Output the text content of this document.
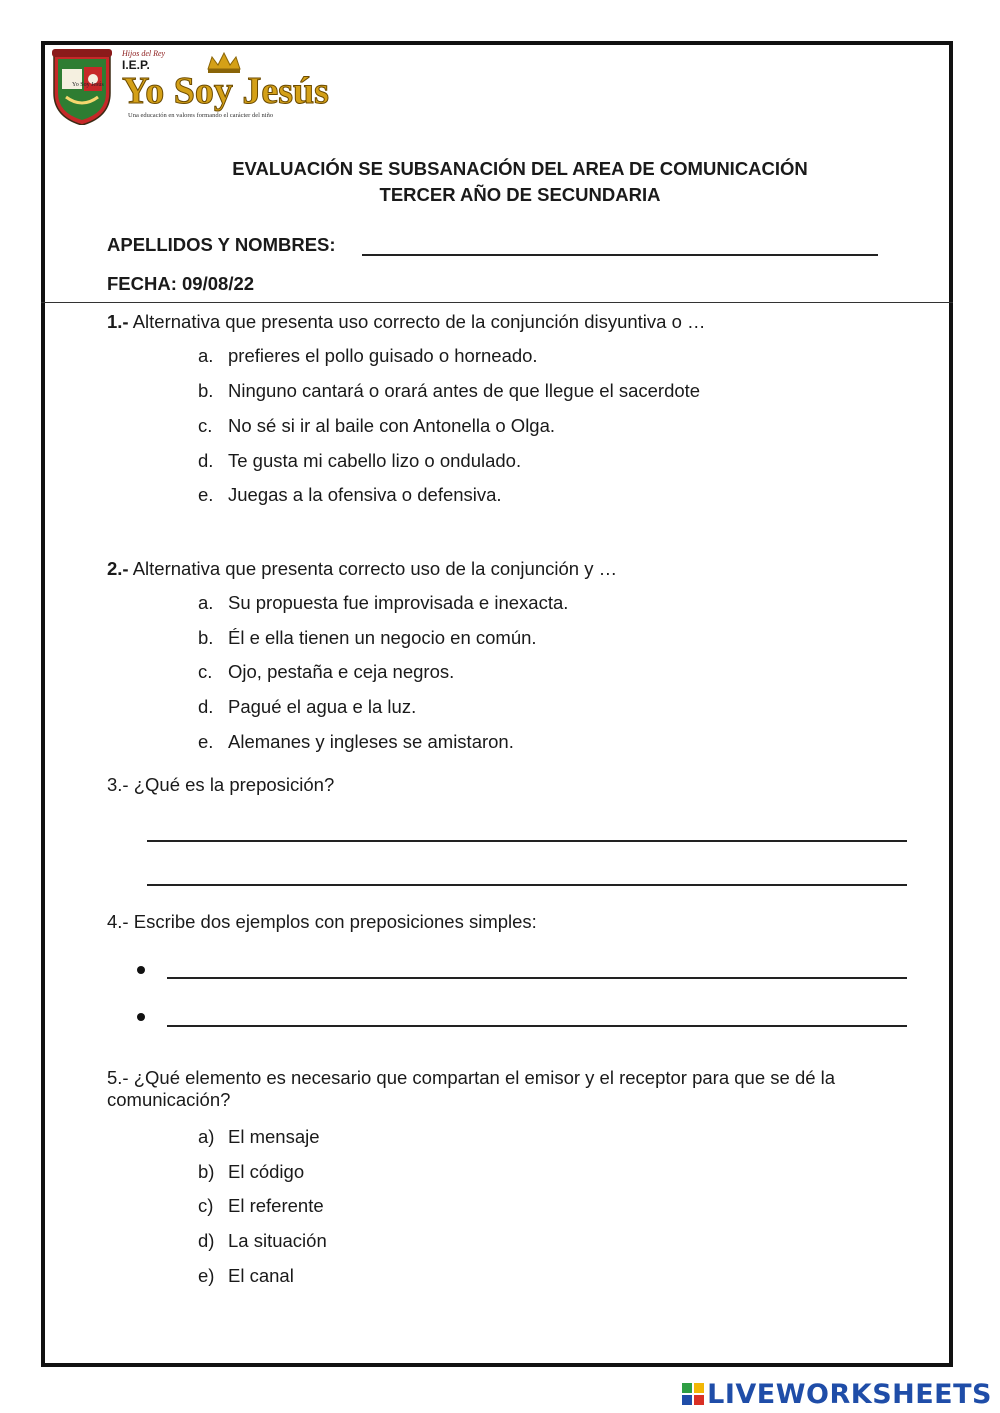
Yo Soy Jesús
Hijos del Rey
I.E.P.
Yo Soy Jesús
Una educación en valores formando el carácter del niño
EVALUACIÓN SE SUBSANACIÓN DEL AREA DE COMUNICACIÓN
TERCER AÑO DE SECUNDARIA
APELLIDOS Y NOMBRES:
FECHA: 09/08/22
1.- Alternativa que presenta uso correcto de la conjunción disyuntiva o …
a. prefieres el pollo guisado o horneado.
b. Ninguno cantará o orará antes de que llegue el sacerdote
c. No sé si ir al baile con Antonella o Olga.
d. Te gusta mi cabello lizo o ondulado.
e. Juegas a la ofensiva o defensiva.
2.- Alternativa que presenta correcto uso de la conjunción y …
a. Su propuesta fue improvisada e inexacta.
b. Él e ella tienen un negocio en común.
c. Ojo, pestaña e ceja negros.
d. Pagué el agua e la luz.
e. Alemanes y ingleses se amistaron.
3.- ¿Qué es la preposición?
4.- Escribe dos ejemplos con preposiciones simples:
5.- ¿Qué elemento es necesario que compartan el emisor y el receptor para que se dé la
comunicación?
a) El mensaje
b) El código
c) El referente
d) La situación
e) El canal
LIVEWORKSHEETS
